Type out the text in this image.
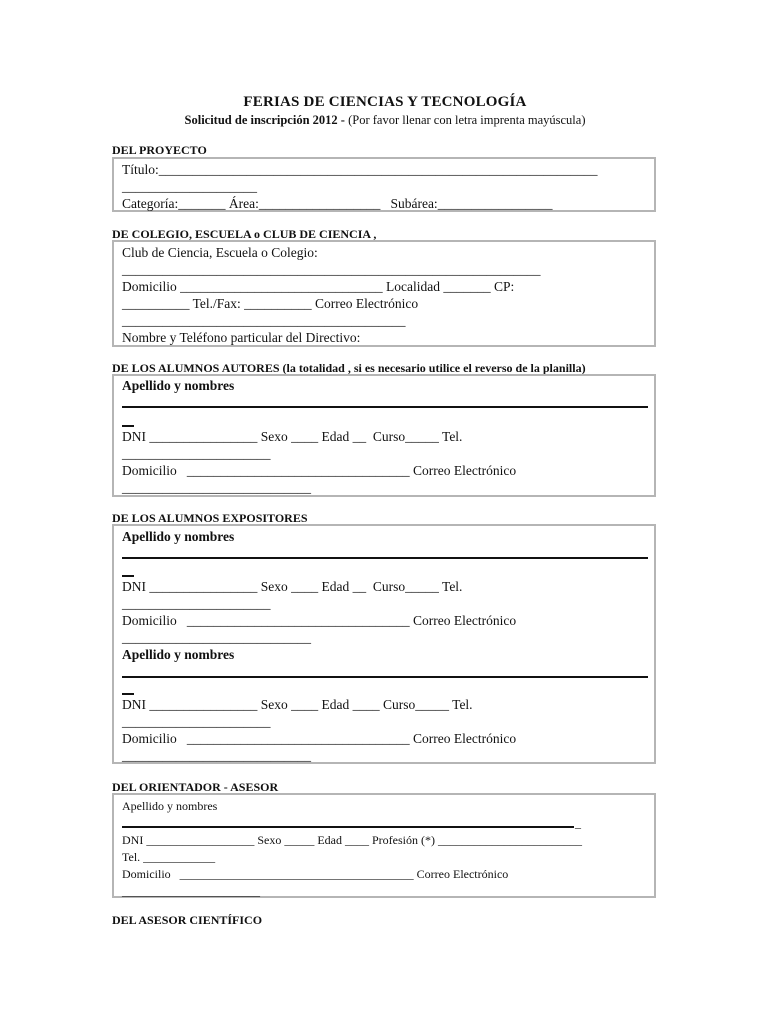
FERIAS DE CIENCIAS Y TECNOLOGÍA
Solicitud de inscripción 2012 - (Por favor llenar con letra imprenta mayúscula)
DEL PROYECTO
Título:_________________________________________________________________
____________________
Categoría:_______ Área:__________________   Subárea:_________________
DE COLEGIO, ESCUELA o CLUB DE CIENCIA ,
Club de Ciencia, Escuela o Colegio:
______________________________________________________________
Domicilio ______________________________ Localidad _______ CP:
__________ Tel./Fax: __________ Correo Electrónico
__________________________________________
Nombre y Teléfono particular del Directivo:
DE LOS ALUMNOS AUTORES (la totalidad , si es necesario utilice el reverso de la planilla)
Apellido y nombres
DNI ________________ Sexo ____ Edad __  Curso_____ Tel.
______________________
Domicilio   _________________________________ Correo Electrónico
____________________________
DE LOS ALUMNOS EXPOSITORES
Apellido y nombres
DNI ________________ Sexo ____ Edad __  Curso_____ Tel.
______________________
Domicilio   _________________________________ Correo Electrónico
____________________________
Apellido y nombres
DNI ________________ Sexo ____ Edad ____ Curso_____ Tel.
______________________
Domicilio   _________________________________ Correo Electrónico
____________________________
DEL ORIENTADOR - ASESOR
Apellido y nombres
_
DNI __________________ Sexo _____ Edad ____ Profesión (*) ________________________
Tel. ____________
Domicilio   _______________________________________ Correo Electrónico
_______________________
DEL ASESOR CIENTÍFICO
